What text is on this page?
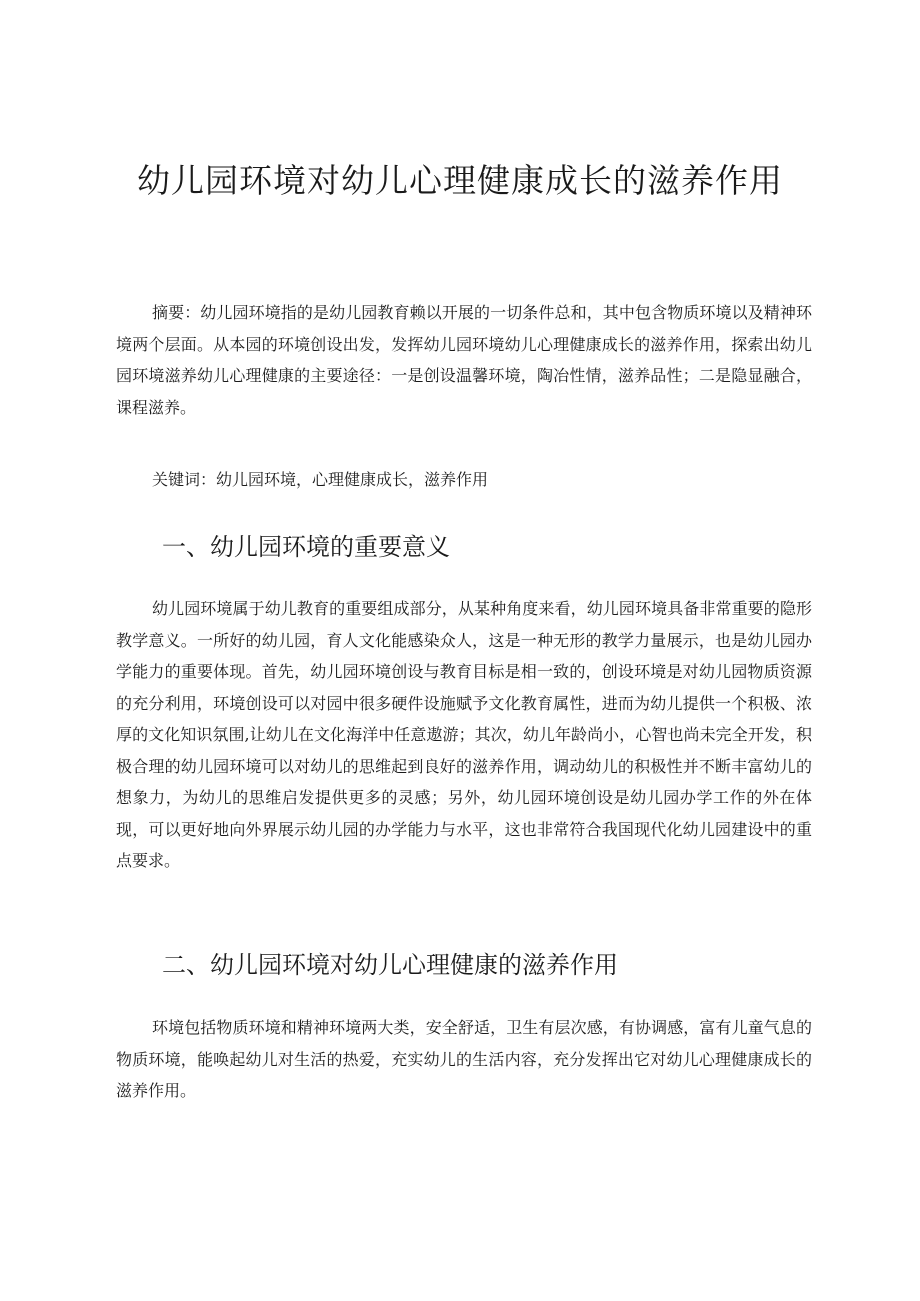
幼儿园环境对幼儿心理健康成长的滋养作用

摘要：幼儿园环境指的是幼儿园教育赖以开展的一切条件总和，其中包含物质环境以及精神环境两个层面。从本园的环境创设出发，发挥幼儿园环境幼儿心理健康成长的滋养作用，探索出幼儿园环境滋养幼儿心理健康的主要途径：一是创设温馨环境，陶冶性情，滋养品性；二是隐显融合，课程滋养。

关键词：幼儿园环境，心理健康成长，滋养作用

一、幼儿园环境的重要意义

幼儿园环境属于幼儿教育的重要组成部分，从某种角度来看，幼儿园环境具备非常重要的隐形教学意义。一所好的幼儿园，育人文化能感染众人，这是一种无形的教学力量展示，也是幼儿园办学能力的重要体现。首先，幼儿园环境创设与教育目标是相一致的，创设环境是对幼儿园物质资源的充分利用，环境创设可以对园中很多硬件设施赋予文化教育属性，进而为幼儿提供一个积极、浓厚的文化知识氛围,让幼儿在文化海洋中任意遨游；其次，幼儿年龄尚小，心智也尚未完全开发，积极合理的幼儿园环境可以对幼儿的思维起到良好的滋养作用，调动幼儿的积极性并不断丰富幼儿的想象力，为幼儿的思维启发提供更多的灵感；另外，幼儿园环境创设是幼儿园办学工作的外在体现，可以更好地向外界展示幼儿园的办学能力与水平，这也非常符合我国现代化幼儿园建设中的重点要求。

二、幼儿园环境对幼儿心理健康的滋养作用

环境包括物质环境和精神环境两大类，安全舒适，卫生有层次感，有协调感，富有儿童气息的物质环境，能唤起幼儿对生活的热爱，充实幼儿的生活内容，充分发挥出它对幼儿心理健康成长的滋养作用。
